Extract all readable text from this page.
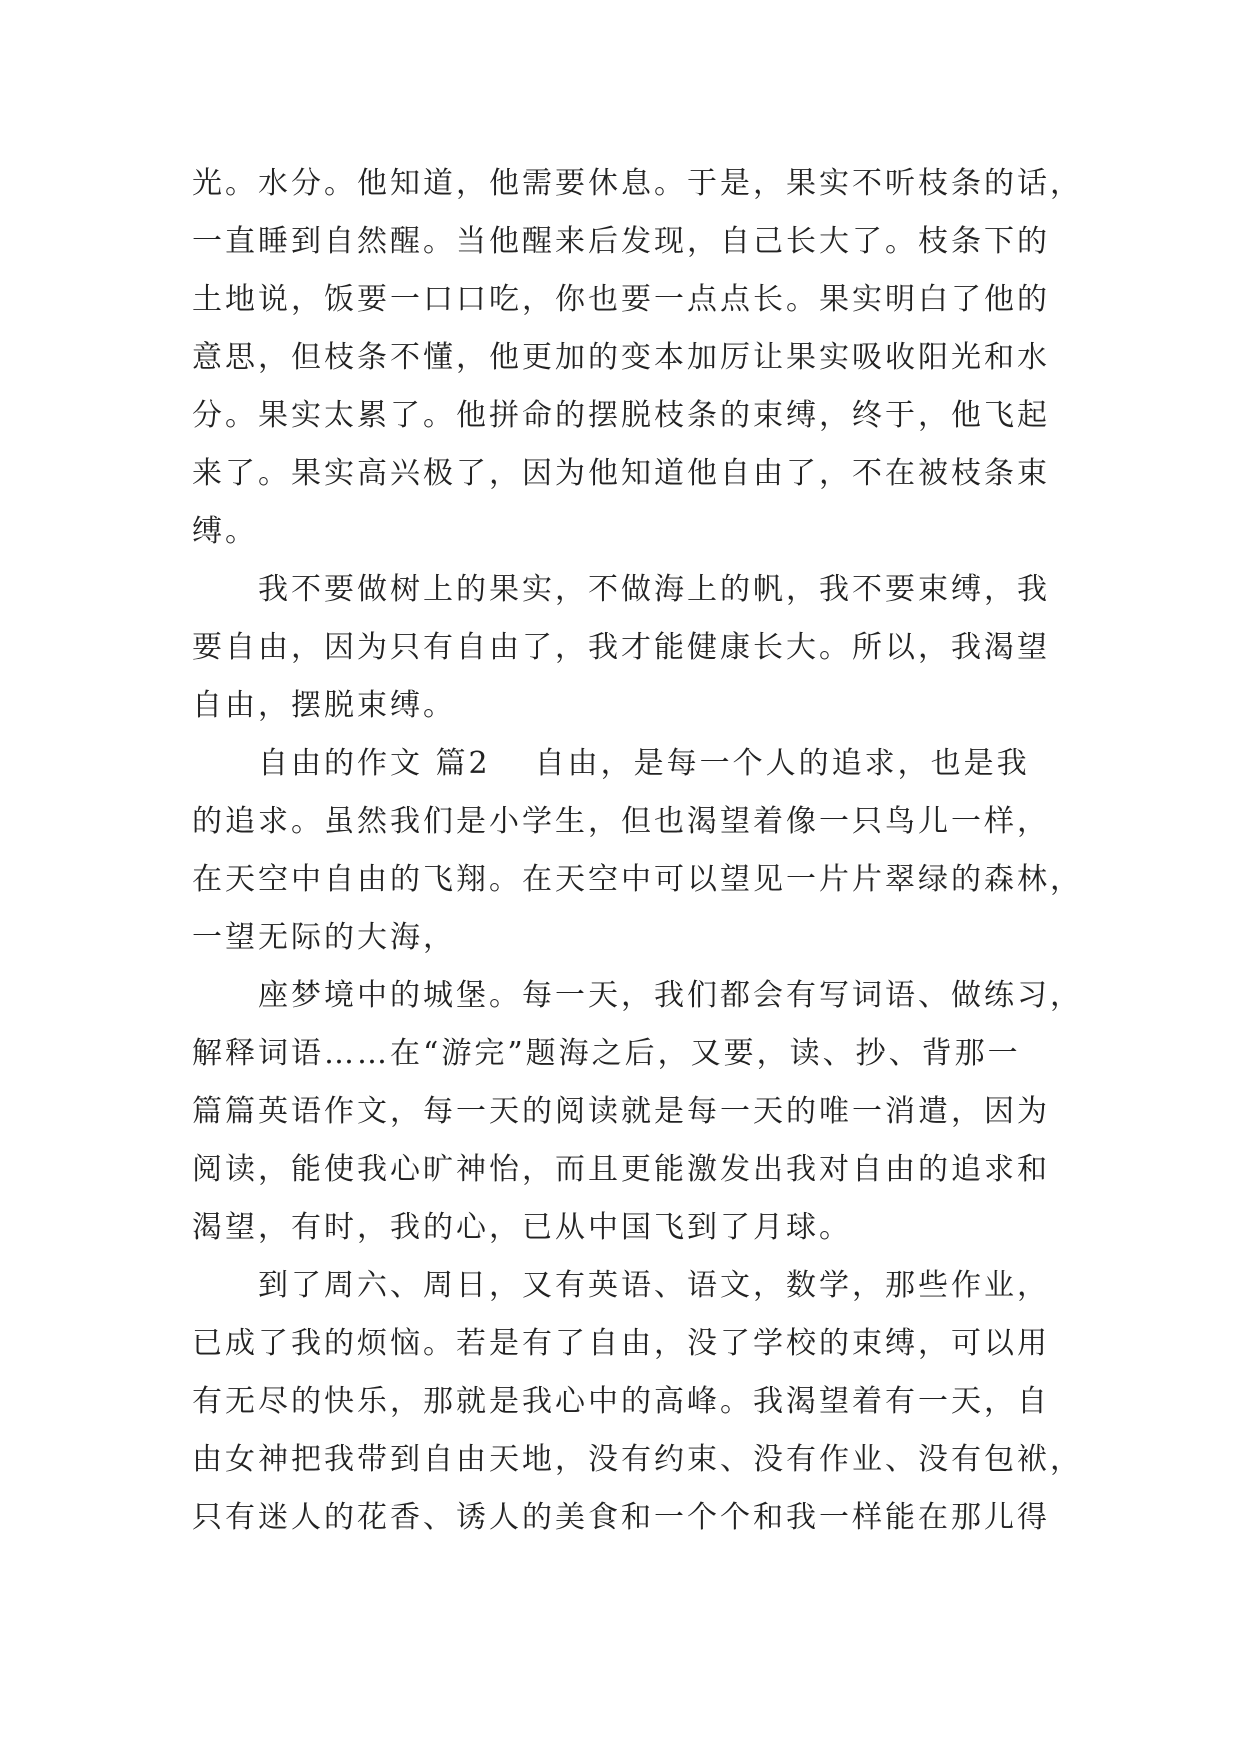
光。水分。他知道，他需要休息。于是，果实不听枝条的话，
一直睡到自然醒。当他醒来后发现，自己长大了。枝条下的
土地说，饭要一口口吃，你也要一点点长。果实明白了他的
意思，但枝条不懂，他更加的变本加厉让果实吸收阳光和水
分。果实太累了。他拼命的摆脱枝条的束缚，终于，他飞起
来了。果实高兴极了，因为他知道他自由了，不在被枝条束
缚。
我不要做树上的果实，不做海上的帆，我不要束缚，我
要自由，因为只有自由了，我才能健康长大。所以，我渴望
自由，摆脱束缚。
自由的作文 篇2 自由，是每一个人的追求，也是我
的追求。虽然我们是小学生，但也渴望着像一只鸟儿一样，
在天空中自由的飞翔。在天空中可以望见一片片翠绿的森林，
一望无际的大海，
座梦境中的城堡。每一天，我们都会有写词语、做练习，
解释词语……在“游完”题海之后，又要，读、抄、背那一
篇篇英语作文，每一天的阅读就是每一天的唯一消遣，因为
阅读，能使我心旷神怡，而且更能激发出我对自由的追求和
渴望，有时，我的心，已从中国飞到了月球。
到了周六、周日，又有英语、语文，数学，那些作业，
已成了我的烦恼。若是有了自由，没了学校的束缚，可以用
有无尽的快乐，那就是我心中的高峰。我渴望着有一天，自
由女神把我带到自由天地，没有约束、没有作业、没有包袱，
只有迷人的花香、诱人的美食和一个个和我一样能在那儿得
